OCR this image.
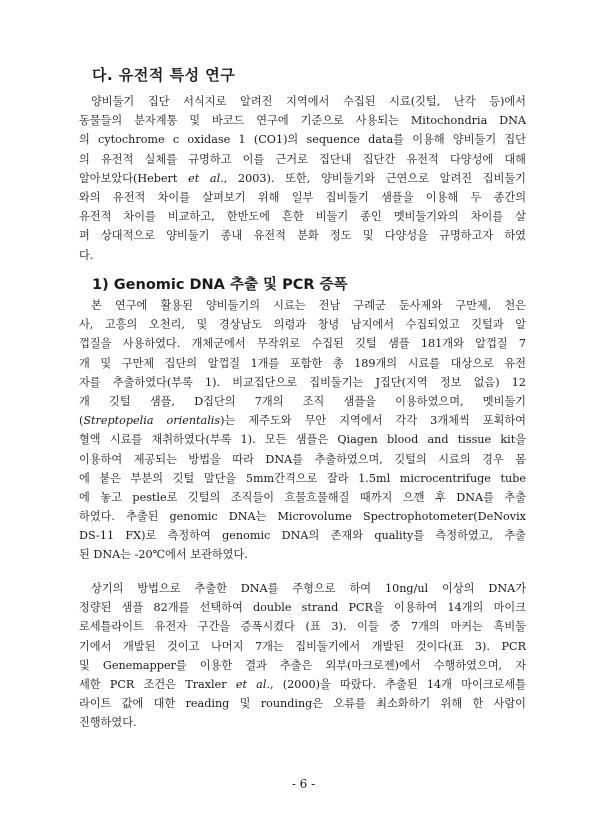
다. 유전적 특성 연구
양비둘기 집단 서식지로 알려진 지역에서 수집된 시료(깃털, 난각 등)에서
동물들의 분자계통 및 바코드 연구에 기준으로 사용되는 Mitochondria DNA
의 cytochrome c oxidase 1 (CO1)의 sequence data를 이용해 양비둘기 집단
의 유전적 실체를 규명하고 이를 근거로 집단내 집단간 유전적 다양성에 대해
알아보았다(Hebert et al., 2003). 또한, 양비둘기와 근연으로 알려진 집비둘기
와의 유전적 차이를 살펴보기 위해 일부 집비둘기 샘플을 이용해 두 종간의
유전적 차이를 비교하고, 한반도에 흔한 비둘기 종인 멧비둘기와의 차이를 살
펴 상대적으로 양비둘기 종내 유전적 분화 정도 및 다양성을 규명하고자 하였
다.
1) Genomic DNA 추출 및 PCR 증폭
본 연구에 활용된 양비둘기의 시료는 전남 구례군 둔사제와 구만제, 천은
사, 고흥의 오천리, 및 경상남도 의령과 창녕 남지에서 수집되었고 깃털과 알
껍질을 사용하였다. 개체군에서 무작위로 수집된 깃털 샘플 181개와 알껍질 7
개 및 구만제 집단의 알껍질 1개를 포함한 총 189개의 시료를 대상으로 유전
자를 추출하였다(부록 1). 비교집단으로 집비둘기는 J집단(지역 정보 없음) 12
개 깃털 샘플, D집단의 7개의 조직 샘플을 이용하였으며, 멧비둘기
(Streptopelia orientalis)는 제주도와 무안 지역에서 각각 3개체씩 포획하여
혈액 시료를 채취하였다(부록 1). 모든 샘플은 Qiagen blood and tissue kit을
이용하여 제공되는 방법을 따라 DNA를 추출하였으며, 깃털의 시료의 경우 몸
에 붙은 부분의 깃털 말단을 5mm간격으로 잘라 1.5ml microcentrifuge tube
에 놓고 pestle로 깃털의 조직들이 흐물흐물해질 때까지 으깬 후 DNA를 추출
하였다. 추출된 genomic DNA는 Microvolume Spectrophotometer(DeNovix
DS-11 FX)로 측정하여 genomic DNA의 존재와 quality를 측정하였고, 추출
된 DNA는 -20℃에서 보관하였다.
상기의 방법으로 추출한 DNA를 주형으로 하여 10ng/ul 이상의 DNA가
정량된 샘플 82개를 선택하여 double strand PCR을 이용하여 14개의 마이크
로세틀라이트 유전자 구간을 증폭시켰다 (표 3). 이들 중 7개의 마커는 흑비둘
기에서 개발된 것이고 나머지 7개는 집비둘기에서 개발된 것이다(표 3). PCR
및 Genemapper를 이용한 결과 추출은 외부(마크로젠)에서 수행하였으며, 자
세한 PCR 조건은 Traxler et al., (2000)을 따랐다. 추출된 14개 마이크로세틀
라이트 값에 대한 reading 및 rounding은 오류를 최소화하기 위해 한 사람이
진행하였다.
- 6 -
